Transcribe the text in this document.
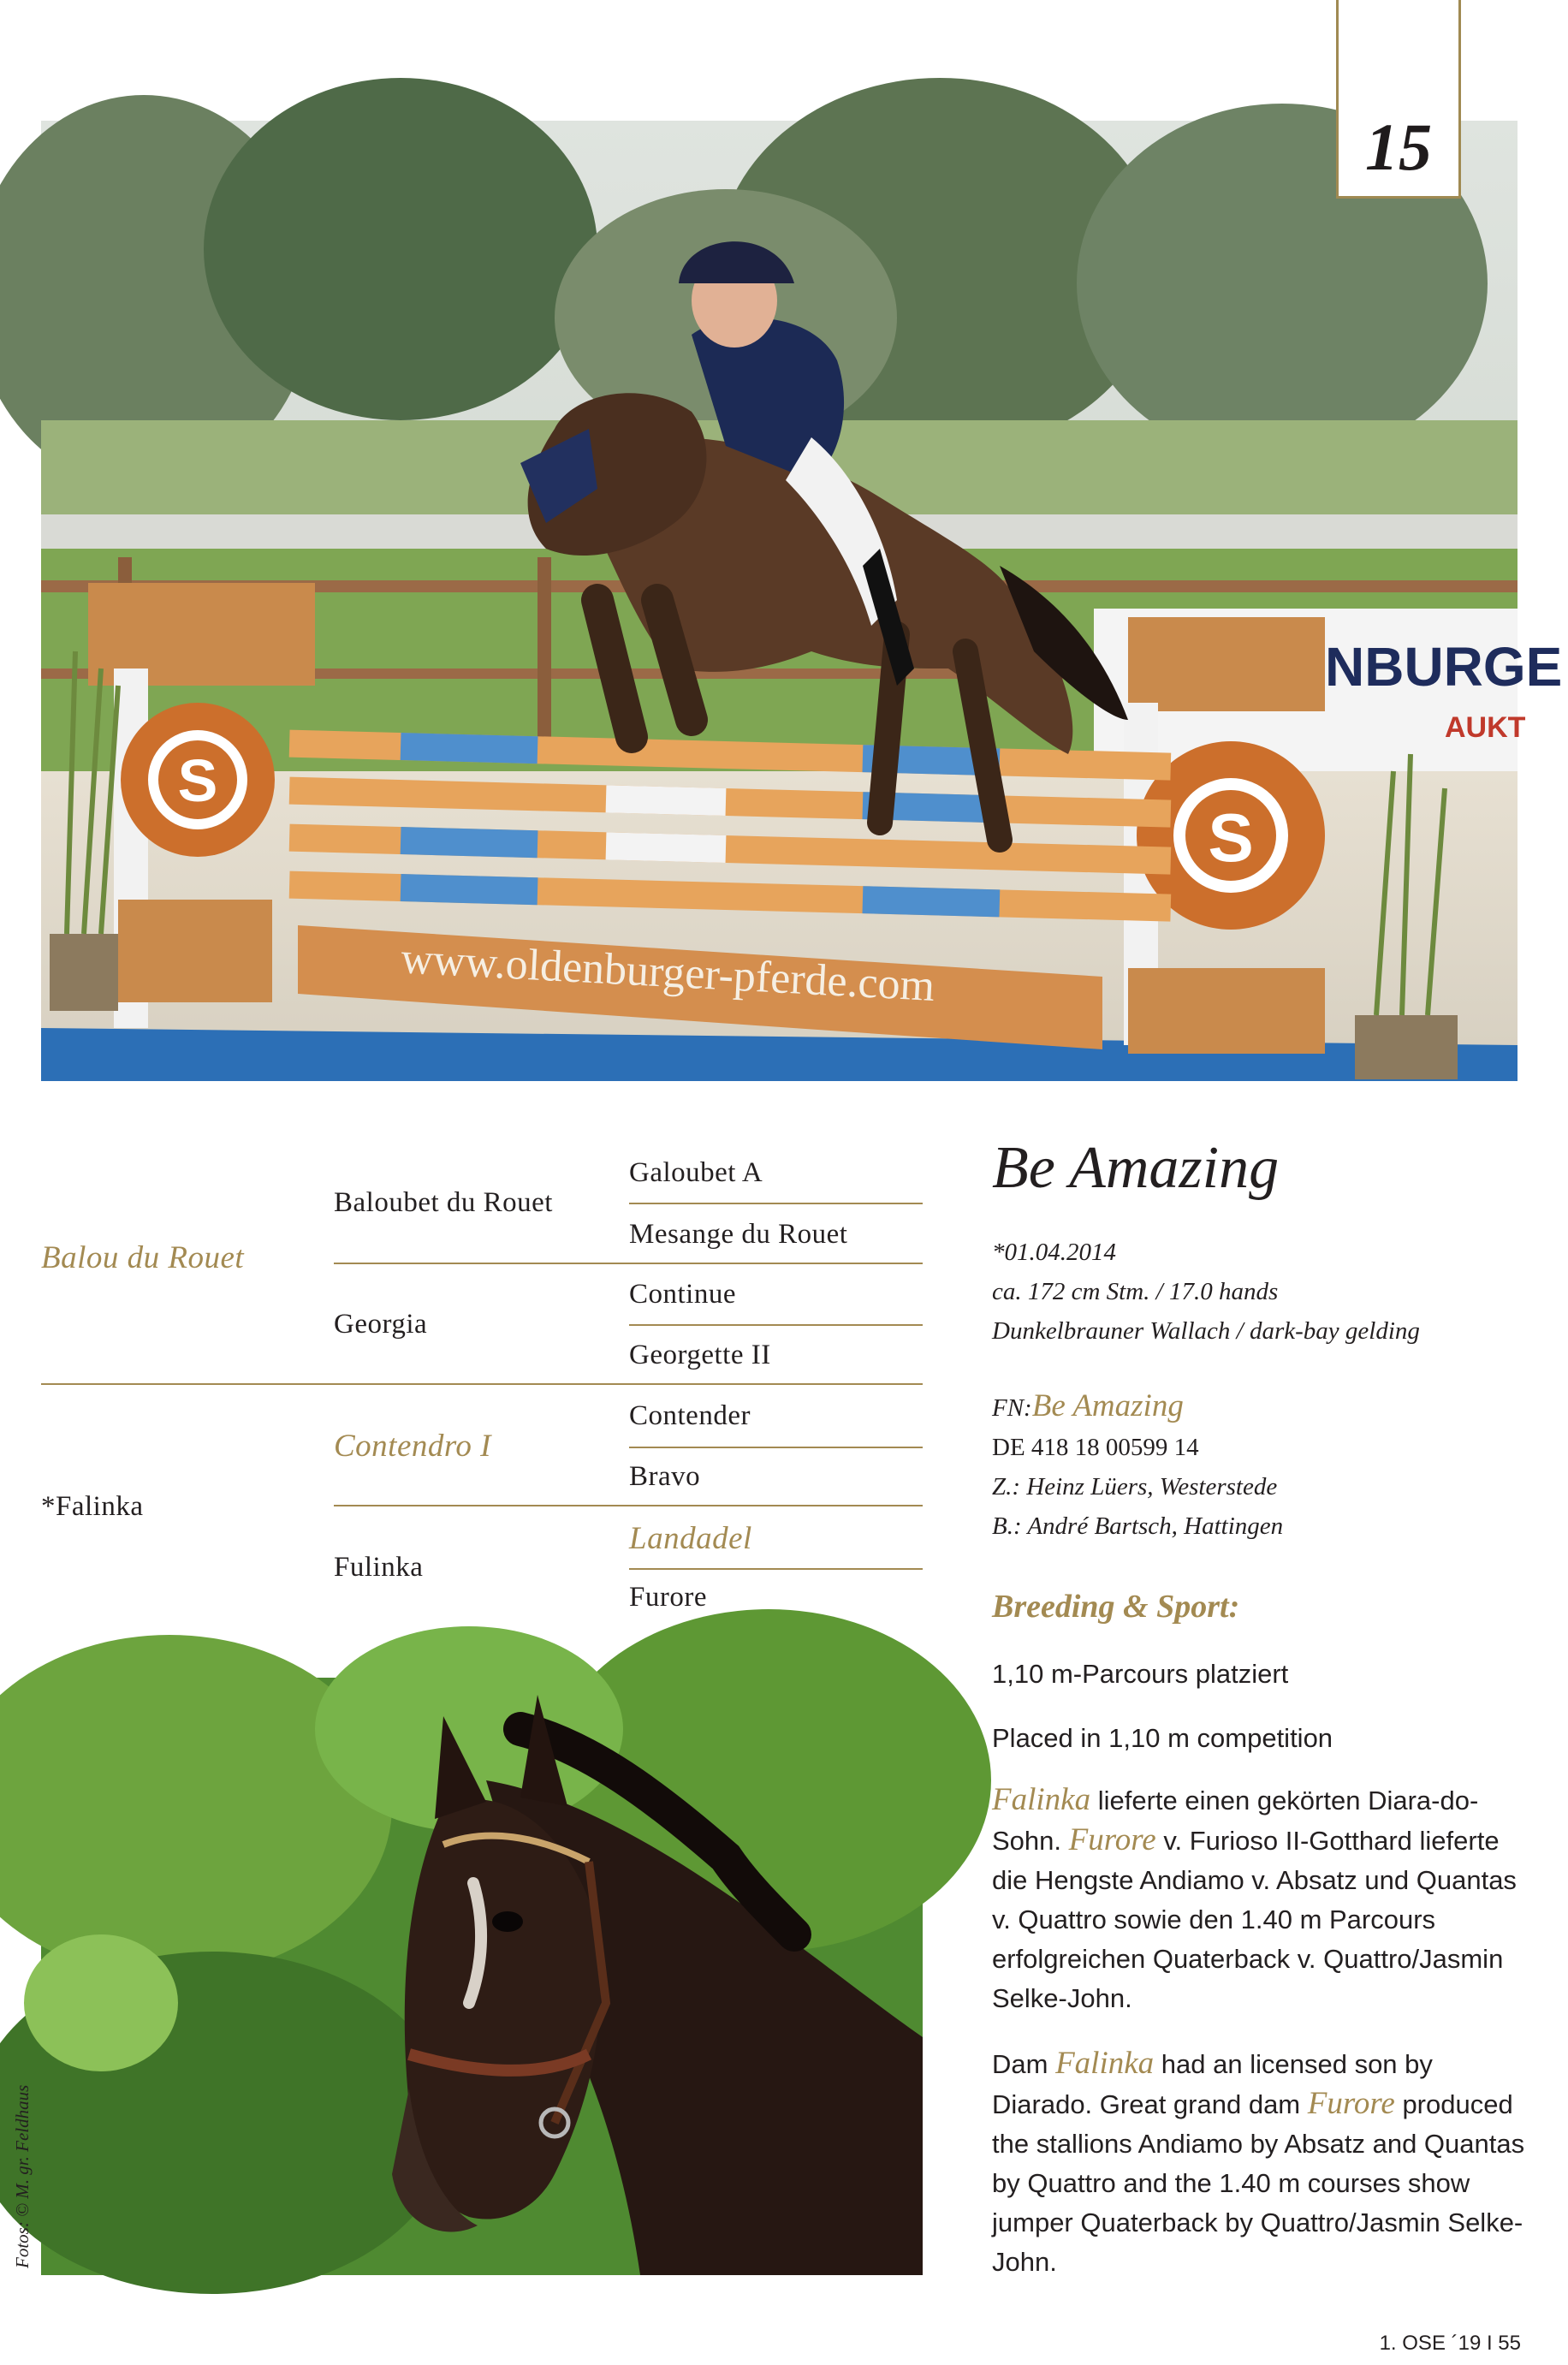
15
NBURGE
AUKT
S
S
www.oldenburger-pferde.com
Balou du Rouet
*Falinka
Baloubet du Rouet
Georgia
Contendro I
Fulinka
Galoubet A
Mesange du Rouet
Continue
Georgette II
Contender
Bravo
Landadel
Furore
Be Amazing
*01.04.2014
ca. 172 cm Stm. / 17.0 hands
Dunkelbrauner Wallach / dark-bay gelding
FN:Be Amazing
DE 418 18 00599 14
Z.: Heinz Lüers, Westerstede
B.: André Bartsch, Hattingen
Breeding & Sport:
1,10 m-Parcours platziert
Placed in 1,10 m competition
Falinka lieferte einen gekörten Diara-do-Sohn. Furore v. Furioso II-Gotthard lieferte die Hengste Andiamo v. Absatz und Quantas v. Quattro sowie den 1.40 m Parcours erfolgreichen Quaterback v. Quattro/Jasmin Selke-John.
Dam Falinka had an licensed son by Diarado. Great grand dam Furore produced the stallions Andiamo by Absatz and Quantas by Quattro and the 1.40 m courses show jumper Quaterback by Quattro/Jasmin Selke-John.
Fotos: © M. gr. Feldhaus
1. OSE ´19 I 55
